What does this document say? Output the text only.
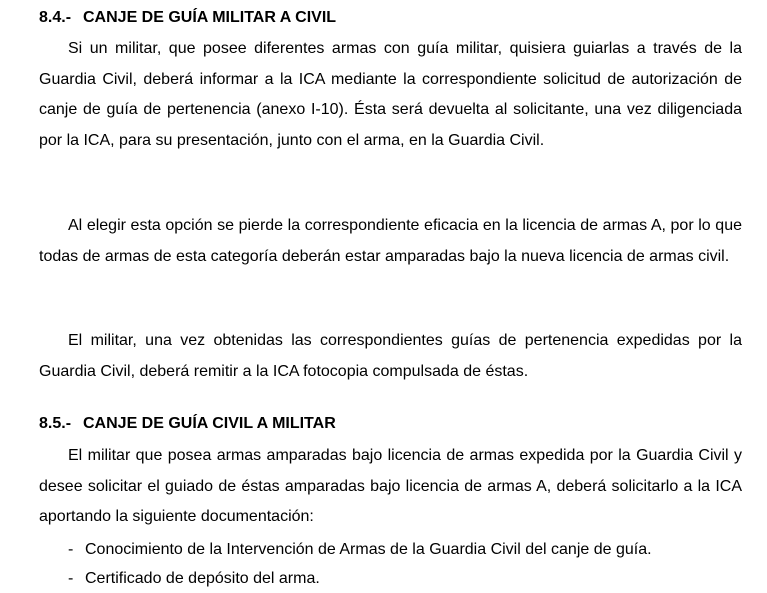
8.4.- CANJE DE GUÍA MILITAR A CIVIL

Si un militar, que posee diferentes armas con guía militar, quisiera guiarlas a través de la Guardia Civil, deberá informar a la ICA mediante la correspondiente solicitud de autorización de canje de guía de pertenencia (anexo I-10). Ésta será devuelta al solicitante, una vez diligenciada por la ICA, para su presentación, junto con el arma, en la Guardia Civil.

Al elegir esta opción se pierde la correspondiente eficacia en la licencia de armas A, por lo que todas de armas de esta categoría deberán estar amparadas bajo la nueva licencia de armas civil.

El militar, una vez obtenidas las correspondientes guías de pertenencia expedidas por la Guardia Civil, deberá remitir a la ICA fotocopia compulsada de éstas.

8.5.- CANJE DE GUÍA CIVIL A MILITAR

El militar que posea armas amparadas bajo licencia de armas expedida por la Guardia Civil y desee solicitar el guiado de éstas amparadas bajo licencia de armas A, deberá solicitarlo a la ICA aportando la siguiente documentación:

- Conocimiento de la Intervención de Armas de la Guardia Civil del canje de guía.
- Certificado de depósito del arma.
